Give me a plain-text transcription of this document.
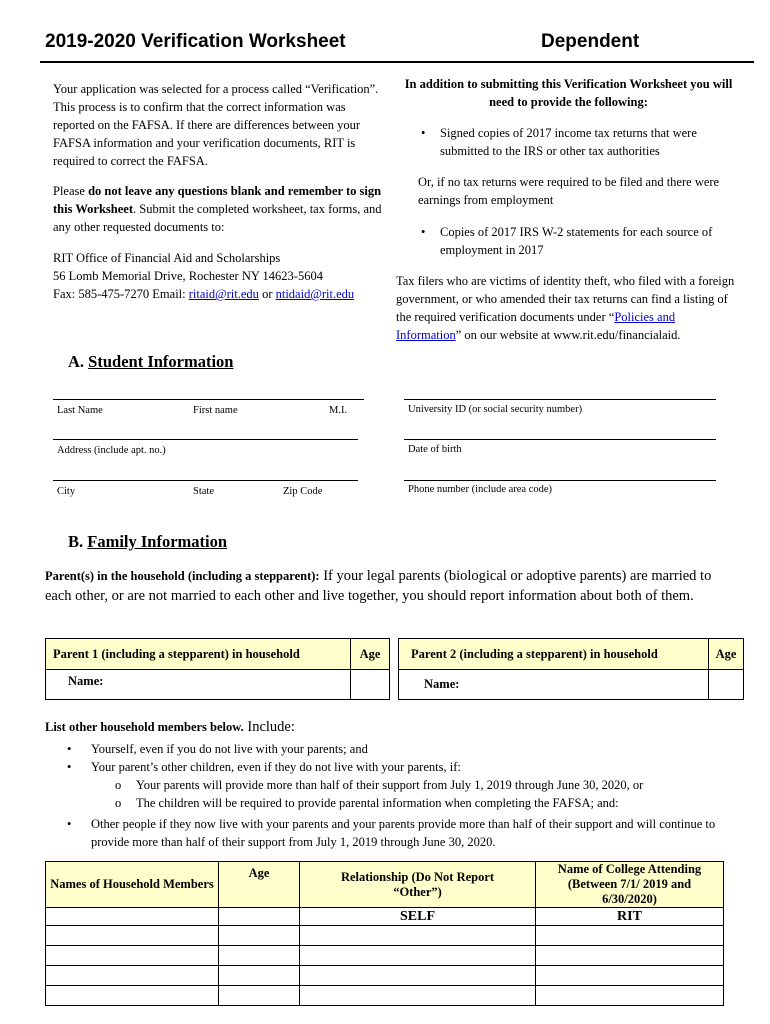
2019-2020 Verification Worksheet	Dependent
Your application was selected for a process called “Verification”. This process is to confirm that the correct information was reported on the FAFSA. If there are differences between your FAFSA information and your verification documents, RIT is required to correct the FAFSA.
Please do not leave any questions blank and remember to sign this Worksheet. Submit the completed worksheet, tax forms, and any other requested documents to:
RIT Office of Financial Aid and Scholarships
56 Lomb Memorial Drive, Rochester NY 14623-5604
Fax: 585-475-7270 Email: ritaid@rit.edu or ntidaid@rit.edu
In addition to submitting this Verification Worksheet you will need to provide the following:
• Signed copies of 2017 income tax returns that were submitted to the IRS or other tax authorities
Or, if no tax returns were required to be filed and there were earnings from employment
• Copies of 2017 IRS W-2 statements for each source of employment in 2017
Tax filers who are victims of identity theft, who filed with a foreign government, or who amended their tax returns can find a listing of the required verification documents under “Policies and Information” on our website at www.rit.edu/financialaid.
A. Student Information
Last Name	First name	M.I.
Address (include apt. no.)
City	State	Zip Code
University ID (or social security number)
Date of birth
Phone number (include area code)
B. Family Information
Parent(s) in the household (including a stepparent): If your legal parents (biological or adoptive parents) are married to each other, or are not married to each other and live together, you should report information about both of them.
Parent 1 (including a stepparent) in household	Age
Name:	
Parent 2 (including a stepparent) in household	Age
Name:	
List other household members below. Include:
• Yourself, even if you do not live with your parents; and
• Your parent’s other children, even if they do not live with your parents, if:
o Your parents will provide more than half of their support from July 1, 2019 through June 30, 2020, or
o The children will be required to provide parental information when completing the FAFSA; and:
• Other people if they now live with your parents and your parents provide more than half of their support and will continue to provide more than half of their support from July 1, 2019 through June 30, 2020.
Names of Household Members	Age	Relationship (Do Not Report “Other”)	Name of College Attending (Between 7/1/ 2019 and 6/30/2020)
		SELF	RIT
